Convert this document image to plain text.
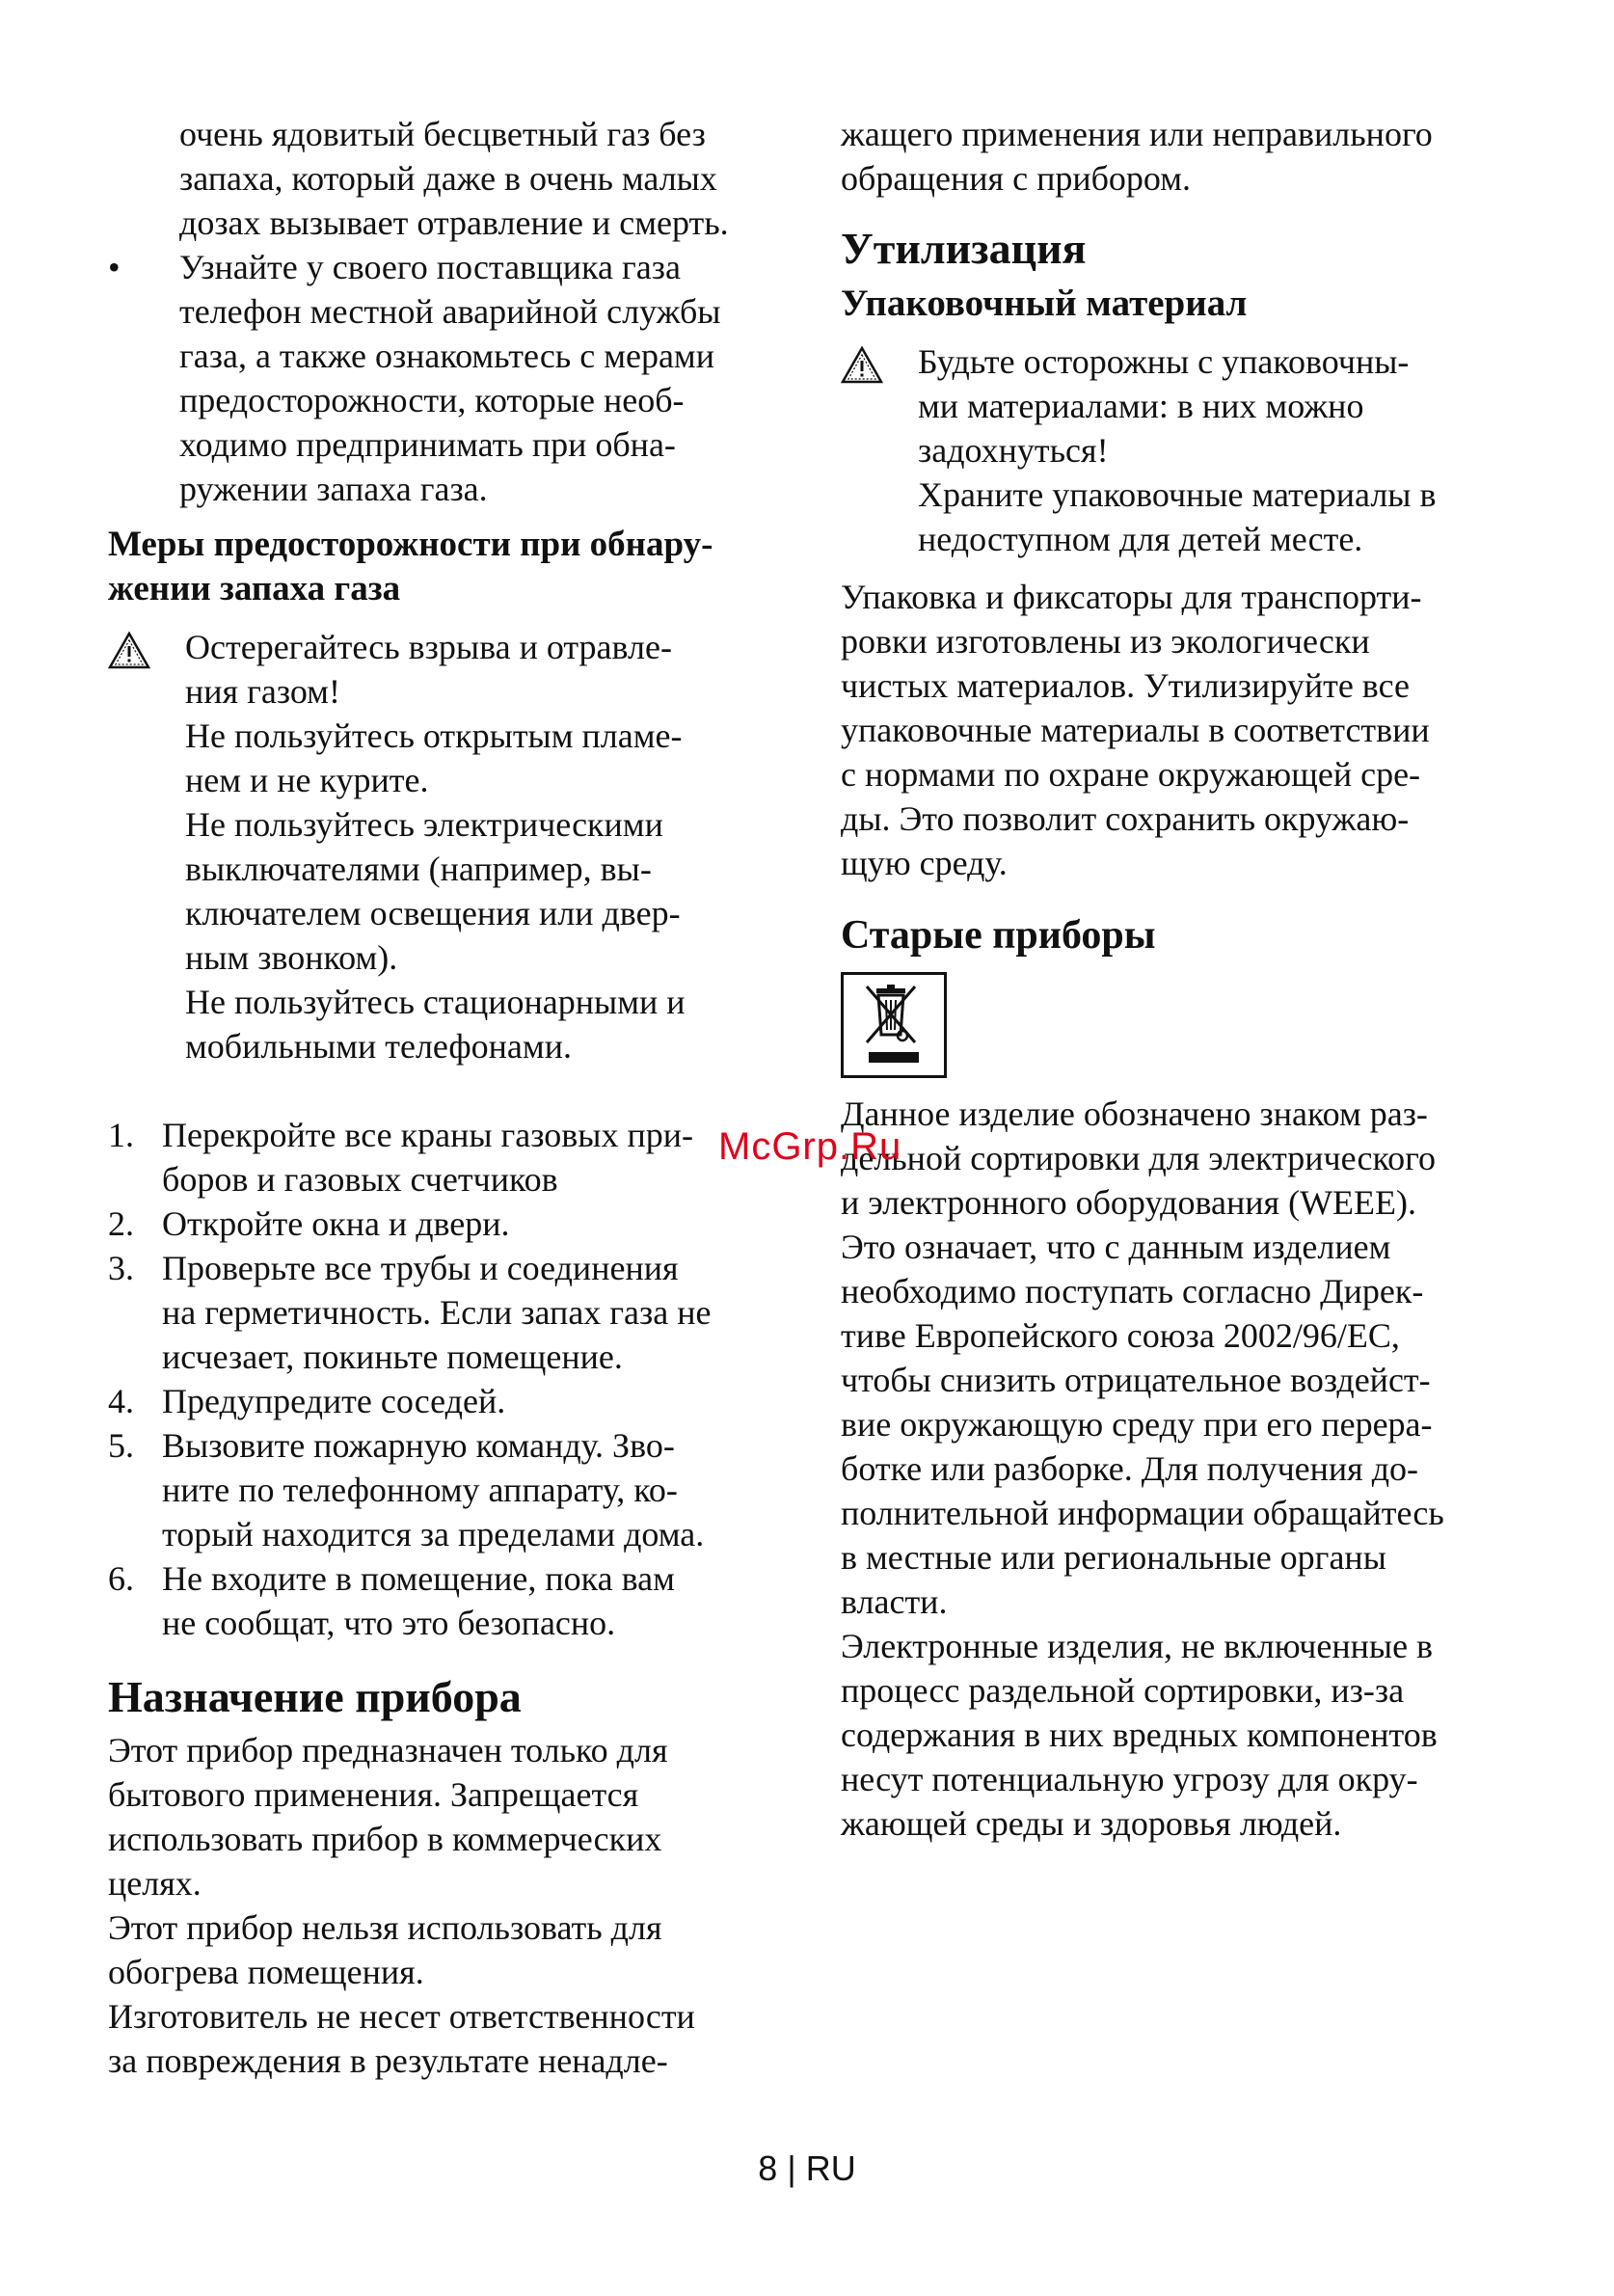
очень ядовитый бесцветный газ без

запаха, который даже в очень малых

дозах вызывает отравление и смерть.

• Узнайте у своего поставщика газа

телефон местной аварийной службы

газа, а также ознакомьтесь с мерами

предосторожности, которые необ-

ходимо предпринимать при обна-

ружении запаха газа.

Меры предосторожности при обнару-

жении запаха газа

Остерегайтесь взрыва и отравле-

ния газом!

Не пользуйтесь открытым пламе-

нем и не курите.

Не пользуйтесь электрическими

выключателями (например, вы-

ключателем освещения или двер-

ным звонком).

Не пользуйтесь стационарными и

мобильными телефонами.

1. Перекройте все краны газовых при-

боров и газовых счетчиков

2. Откройте окна и двери.

3. Проверьте все трубы и соединения

на герметичность. Если запах газа не

исчезает, покиньте помещение.

4. Предупредите соседей.

5. Вызовите пожарную команду. Зво-

ните по телефонному аппарату, ко-

торый находится за пределами дома.

6. Не входите в помещение, пока вам

не сообщат, что это безопасно.

Назначение прибора

Этот прибор предназначен только для

бытового применения. Запрещается

использовать прибор в коммерческих

целях.

Этот прибор нельзя использовать для

обогрева помещения.

Изготовитель не несет ответственности

за повреждения в результате ненадле-

жащего применения или неправильного

обращения с прибором.

Утилизация
Упаковочный материал

Будьте осторожны с упаковочны-

ми материалами: в них можно

задохнуться!

Храните упаковочные материалы в

недоступном для детей месте.

Упаковка и фиксаторы для транспорти-

ровки изготовлены из экологически

чистых материалов. Утилизируйте все

упаковочные материалы в соответствии

с нормами по охране окружающей сре-

ды. Это позволит сохранить окружаю-

щую среду.

Старые приборы

Данное изделие обозначено знаком раз-

дельной сортировки для электрического

и электронного оборудования (WEEE).

Это означает, что с данным изделием

необходимо поступать согласно Дирек-

тиве Европейского союза 2002/96/EC,

чтобы снизить отрицательное воздейст-

вие окружающую среду при его перера-

ботке или разборке. Для получения до-

полнительной информации обращайтесь

в местные или региональные органы

власти.

Электронные изделия, не включенные в

процесс раздельной сортировки, из-за

содержания в них вредных компонентов

несут потенциальную угрозу для окру-

жающей среды и здоровья людей.

McGrp.Ru
8 | RU
